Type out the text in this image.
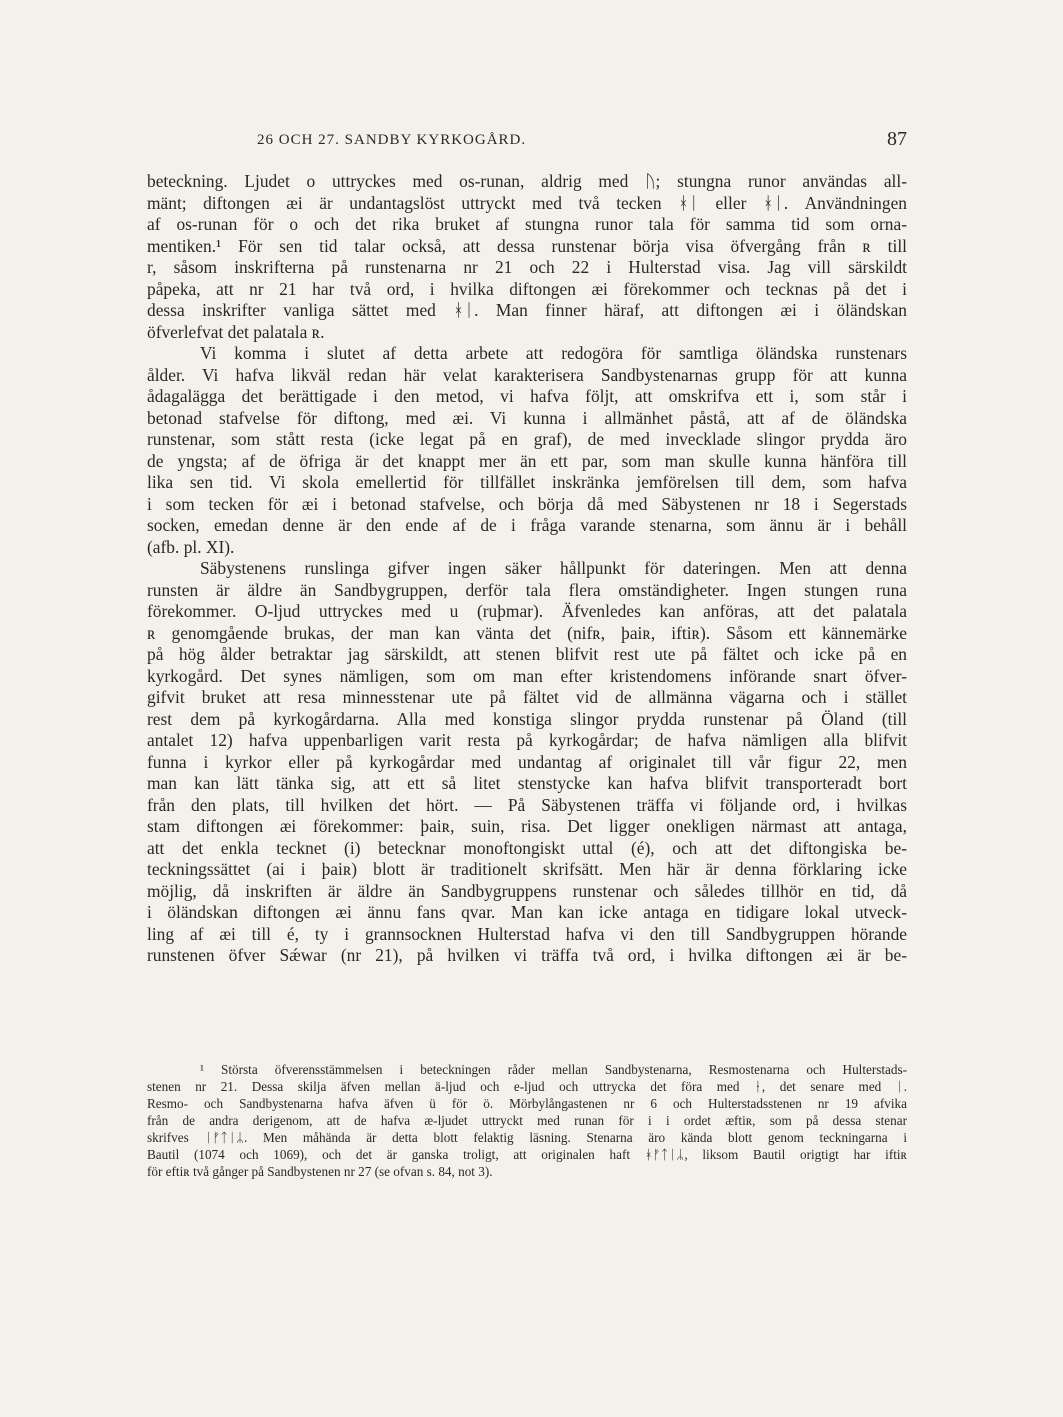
26 OCH 27. SANDBY KYRKOGÅRD.	87
beteckning. Ljudet o uttryckes med os-runan, aldrig med ᚢ; stungna runor användas all-
mänt; diftongen æi är undantagslöst uttryckt med två tecken ᚼᛁ eller ᚼᛁ. Användningen
af os-runan för o och det rika bruket af stungna runor tala för samma tid som orna-
mentiken.¹ För sen tid talar också, att dessa runstenar börja visa öfvergång från ʀ till
r, såsom inskrifterna på runstenarna nr 21 och 22 i Hulterstad visa. Jag vill särskildt
påpeka, att nr 21 har två ord, i hvilka diftongen æi förekommer och tecknas på det i
dessa inskrifter vanliga sättet med ᚼᛁ. Man finner häraf, att diftongen æi i öländskan
öfverlefvat det palatala ʀ.
Vi komma i slutet af detta arbete att redogöra för samtliga öländska runstenars
ålder. Vi hafva likväl redan här velat karakterisera Sandbystenarnas grupp för att kunna
ådagalägga det berättigade i den metod, vi hafva följt, att omskrifva ett i, som står i
betonad stafvelse för diftong, med æi. Vi kunna i allmänhet påstå, att af de öländska
runstenar, som stått resta (icke legat på en graf), de med invecklade slingor prydda äro
de yngsta; af de öfriga är det knappt mer än ett par, som man skulle kunna hänföra till
lika sen tid. Vi skola emellertid för tillfället inskränka jemförelsen till dem, som hafva
i som tecken för æi i betonad stafvelse, och börja då med Säbystenen nr 18 i Segerstads
socken, emedan denne är den ende af de i fråga varande stenarna, som ännu är i behåll
(afb. pl. XI).
Säbystenens runslinga gifver ingen säker hållpunkt för dateringen. Men att denna
runsten är äldre än Sandbygruppen, derför tala flera omständigheter. Ingen stungen runa
förekommer. O-ljud uttryckes med u (ruþmar). Äfvenledes kan anföras, att det palatala
ʀ genomgående brukas, der man kan vänta det (nifʀ, þaiʀ, iftiʀ). Såsom ett kännemärke
på hög ålder betraktar jag särskildt, att stenen blifvit rest ute på fältet och icke på en
kyrkogård. Det synes nämligen, som om man efter kristendomens införande snart öfver-
gifvit bruket att resa minnesstenar ute på fältet vid de allmänna vägarna och i stället
rest dem på kyrkogårdarna. Alla med konstiga slingor prydda runstenar på Öland (till
antalet 12) hafva uppenbarligen varit resta på kyrkogårdar; de hafva nämligen alla blifvit
funna i kyrkor eller på kyrkogårdar med undantag af originalet till vår figur 22, men
man kan lätt tänka sig, att ett så litet stenstycke kan hafva blifvit transporteradt bort
från den plats, till hvilken det hört. — På Säbystenen träffa vi följande ord, i hvilkas
stam diftongen æi förekommer: þaiʀ, suin, risa. Det ligger onekligen närmast att antaga,
att det enkla tecknet (i) betecknar monoftongiskt uttal (é), och att det diftongiska be-
teckningssättet (ai i þaiʀ) blott är traditionelt skrifsätt. Men här är denna förklaring icke
möjlig, då inskriften är äldre än Sandbygruppens runstenar och således tillhör en tid, då
i öländskan diftongen æi ännu fans qvar. Man kan icke antaga en tidigare lokal utveck-
ling af æi till é, ty i grannsocknen Hulterstad hafva vi den till Sandbygruppen hörande
runstenen öfver Sǽwar (nr 21), på hvilken vi träffa två ord, i hvilka diftongen æi är be-
¹ Största öfverensstämmelsen i beteckningen råder mellan Sandbystenarna, Resmostenarna och Hulterstads-
stenen nr 21. Dessa skilja äfven mellan ä-ljud och e-ljud och uttrycka det föra med ᚽ, det senare med ᛁ.
Resmo- och Sandbystenarna hafva äfven ü för ö. Mörbylångastenen nr 6 och Hulterstadsstenen nr 19 afvika
från de andra derigenom, att de hafva æ-ljudet uttryckt med runan för i i ordet æftiʀ, som på dessa stenar
skrifves ᛁᚠᛏᛁᛦ. Men måhända är detta blott felaktig läsning. Stenarna äro kända blott genom teckningarna i
Bautil (1074 och 1069), och det är ganska troligt, att originalen haft ᚼᚠᛏᛁᛦ, liksom Bautil origtigt har iftiʀ
för eftiʀ två gånger på Sandbystenen nr 27 (se ofvan s. 84, not 3).
